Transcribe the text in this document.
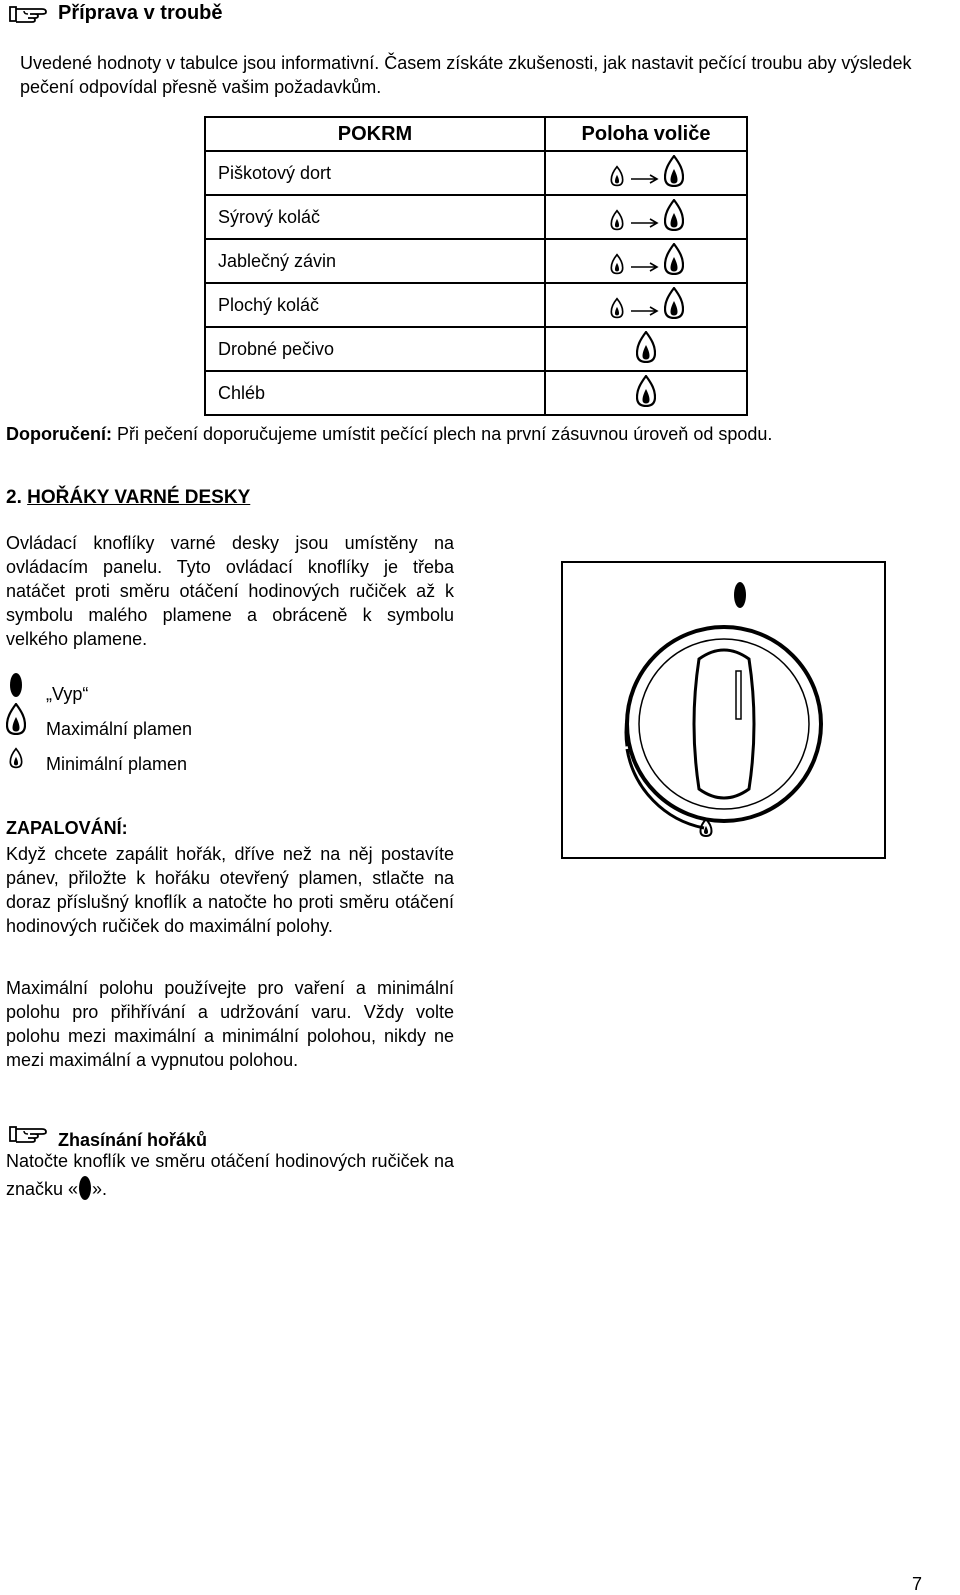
Příprava v troubě
Uvedené hodnoty v tabulce jsou informativní. Časem získáte zkušenosti, jak nastavit pečící troubu aby výsledek pečení odpovídal přesně vašim požadavkům.
POKRM	Poloha voliče
Piškotový dort	

Sýrový koláč	

Jablečný závin	

Plochý koláč	

Drobné pečivo	
Chléb	
Doporučení: Při pečení doporučujeme umístit pečící plech na první zásuvnou úroveň od spodu.
2. HOŘÁKY VARNÉ DESKY
Ovládací knoflíky varné desky jsou umístěny na ovládacím panelu. Tyto ovládací knoflíky je třeba natáčet proti směru otáčení hodinových ručiček až k symbolu malého plamene a obráceně k symbolu velkého plamene.
„Vyp“
Maximální plamen
Minimální plamen
ZAPALOVÁNÍ:
Když chcete zapálit hořák, dříve než na něj postavíte pánev, přiložte k hořáku otevřený plamen, stlačte na doraz příslušný knoflík a natočte ho proti směru otáčení hodinových ručiček do maximální polohy.
Maximální polohu používejte pro vaření a minimální polohu pro přihřívání a udržování varu. Vždy volte polohu mezi maximální a minimální polohou, nikdy ne mezi maximální a vypnutou polohou.
Zhasínání hořáků
Natočte knoflík ve směru otáčení hodinových ručiček na značku « ».
7
